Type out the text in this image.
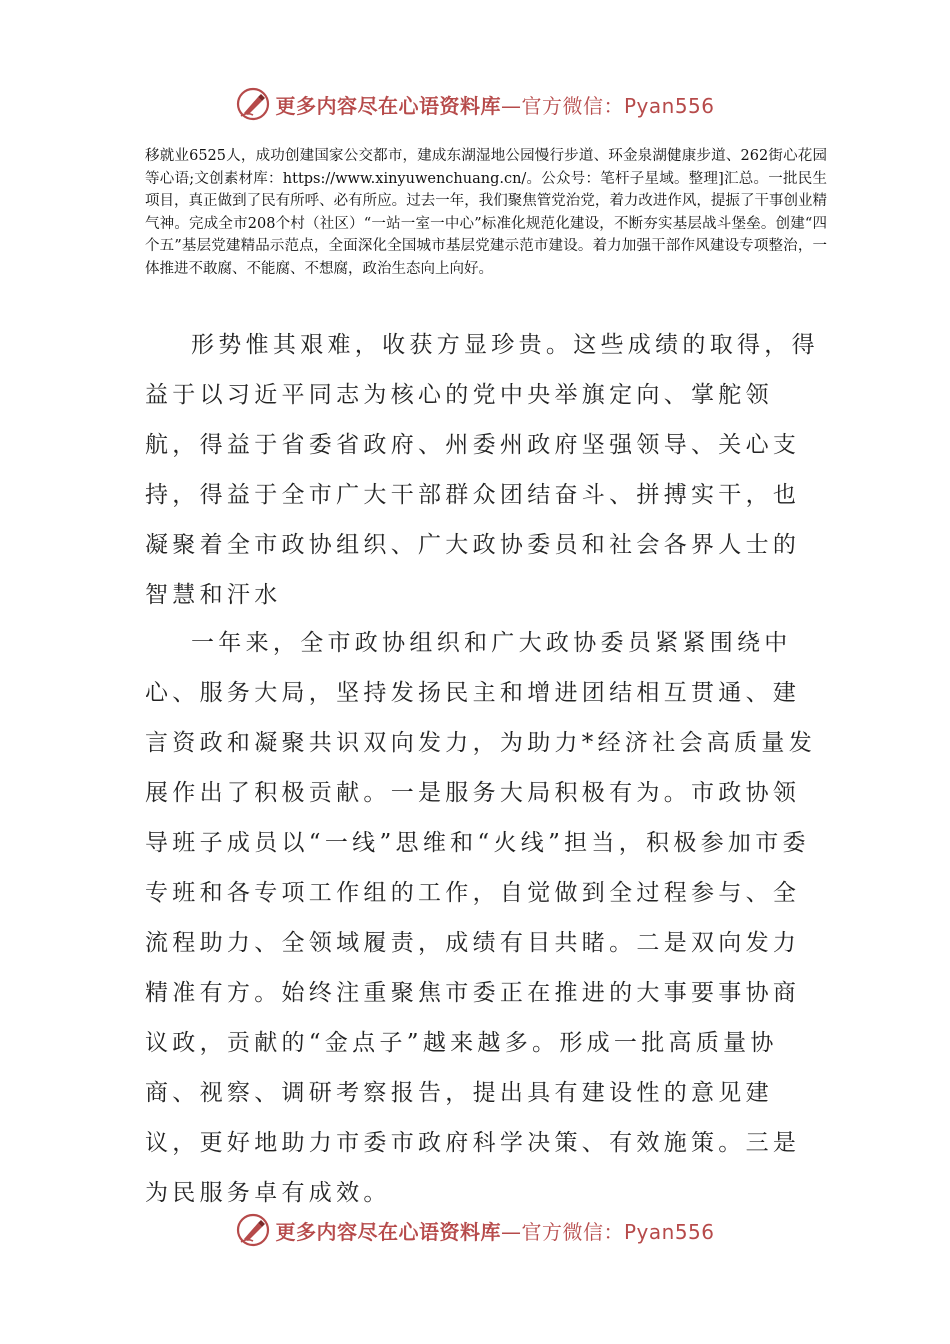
更多内容尽在心语资料库—官方微信：Pyan556

移就业6525人，成功创建国家公交都市，建成东湖湿地公园慢行步道、环金泉湖健康步道、262街心花园等心语;文创素材库：https://www.xinyuwenchuang.cn/。公众号：笔杆子星域。整理]汇总。一批民生项目，真正做到了民有所呼、必有所应。过去一年，我们聚焦管党治党，着力改进作风，提振了干事创业精气神。完成全市208个村（社区）“一站一室一中心”标准化规范化建设，不断夯实基层战斗堡垒。创建“四个五”基层党建精品示范点，全面深化全国城市基层党建示范市建设。着力加强干部作风建设专项整治，一体推进不敢腐、不能腐、不想腐，政治生态向上向好。

形势惟其艰难，收获方显珍贵。这些成绩的取得，得益于以习近平同志为核心的党中央举旗定向、掌舵领航，得益于省委省政府、州委州政府坚强领导、关心支持，得益于全市广大干部群众团结奋斗、拼搏实干，也凝聚着全市政协组织、广大政协委员和社会各界人士的智慧和汗水

一年来，全市政协组织和广大政协委员紧紧围绕中心、服务大局，坚持发扬民主和增进团结相互贯通、建言资政和凝聚共识双向发力，为助力*经济社会高质量发展作出了积极贡献。一是服务大局积极有为。市政协领导班子成员以“一线”思维和“火线”担当，积极参加市委专班和各专项工作组的工作，自觉做到全过程参与、全流程助力、全领域履责，成绩有目共睹。二是双向发力精准有方。始终注重聚焦市委正在推进的大事要事协商议政，贡献的“金点子”越来越多。形成一批高质量协商、视察、调研考察报告，提出具有建设性的意见建议，更好地助力市委市政府科学决策、有效施策。三是为民服务卓有成效。

更多内容尽在心语资料库—官方微信：Pyan556
